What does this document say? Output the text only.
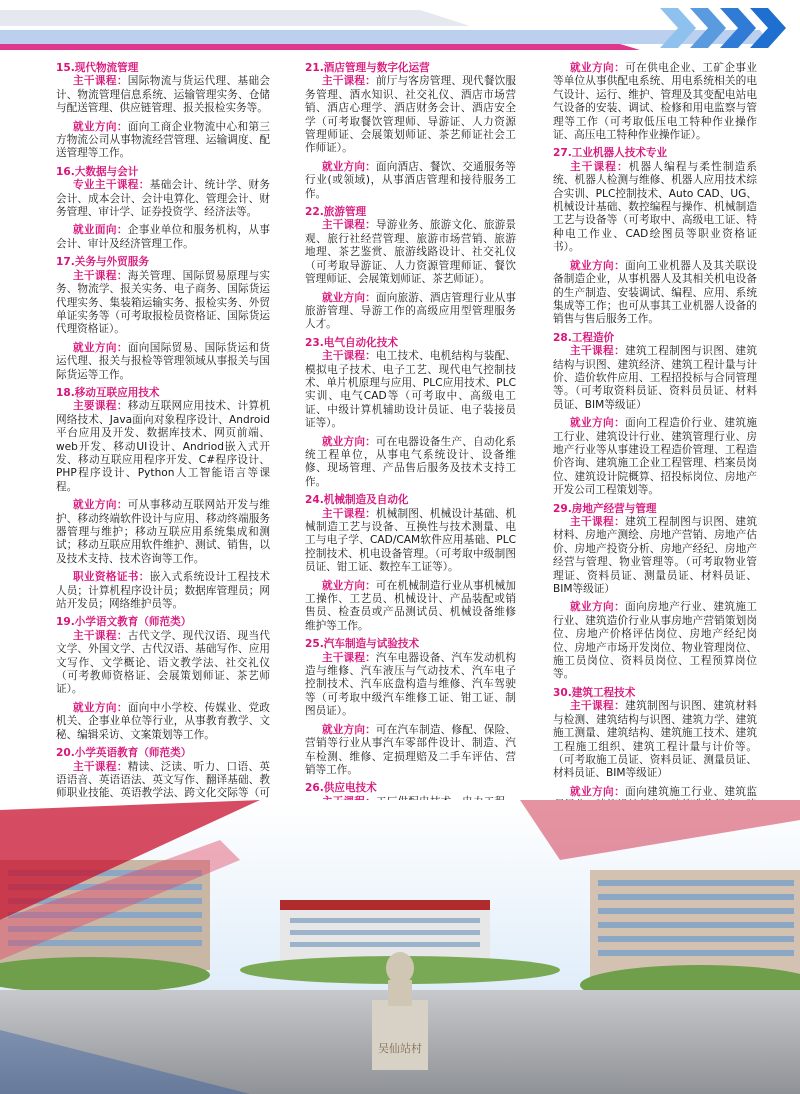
15.现代物流管理

主干课程：国际物流与货运代理、基础会计、物流管理信息系统、运输管理实务、仓储与配送管理、供应链管理、报关报检实务等。

就业方向：面向工商企业物流中心和第三方物流公司从事物流经营管理、运输调度、配送管理等工作。

16.大数据与会计

专业主干课程：基础会计、统计学、财务会计、成本会计、会计电算化、管理会计、财务管理、审计学、证券投资学、经济法等。

就业面向：企事业单位和服务机构，从事会计、审计及经济管理工作。

17.关务与外贸服务

主干课程：海关管理、国际贸易原理与实务、物流学、报关实务、电子商务、国际货运代理实务、集装箱运输实务、报检实务、外贸单证实务等（可考取报检员资格证、国际货运代理资格证）。

就业方向：面向国际贸易、国际货运和货运代理、报关与报检等管理领域从事报关与国际货运等工作。

18.移动互联应用技术

主要课程：移动互联网应用技术、计算机网络技术、Java面向对象程序设计、Android平台应用及开发、数据库技术、网页前端、web开发、移动UI设计、Andriod嵌入式开发、移动互联应用程序开发、C#程序设计、PHP程序设计、Python人工智能语言等课程。

就业方向：可从事移动互联网站开发与维护、移动终端软件设计与应用、移动终端服务器管理与维护；移动互联应用系统集成和测试；移动互联应用软件维护、测试、销售，以及技术支持、技术咨询等工作。

职业资格证书：嵌入式系统设计工程技术人员；计算机程序设计员；数据库管理员；网站开发员；网络维护员等。

19.小学语文教育（师范类）

主干课程：古代文学、现代汉语、现当代文学、外国文学、古代汉语、基础写作、应用文写作、文学概论、语文教学法、社交礼仪（可考教师资格证、会展策划师证、茶艺师证）。

就业方向：面向中小学校、传媒业、党政机关、企事业单位等行业，从事教育教学、文秘、编辑采访、文案策划等工作。

20.小学英语教育（师范类）

主干课程：精读、泛读、听力、口语、英语语音、英语语法、英文写作、翻译基础、教师职业技能、英语教学法、跨文化交际等（可

21.酒店管理与数字化运营

主干课程：前厅与客房管理、现代餐饮服务管理、酒水知识、社交礼仪、酒店市场营销、酒店心理学、酒店财务会计、酒店安全学（可考取餐饮管理师、导游证、人力资源管理师证、会展策划师证、茶艺师证社会工作师证）。

就业方向：面向酒店、餐饮、交通服务等行业(或领域)，从事酒店管理和接待服务工作。

22.旅游管理

主干课程：导游业务、旅游文化、旅游景观、旅行社经营管理、旅游市场营销、旅游地理、茶艺鉴赏、旅游线路设计、社交礼仪（可考取导游证、人力资源管理师证、餐饮管理师证、会展策划师证、茶艺师证）。

就业方向：面向旅游、酒店管理行业从事旅游管理、导游工作的高级应用型管理服务人才。

23.电气自动化技术

主干课程：电工技术、电机结构与装配、模拟电子技术、电子工艺、现代电气控制技术、单片机原理与应用、PLC应用技术、PLC实训、电气CAD等（可考取中、高级电工证、中级计算机辅助设计员证、电子装接员证等）。

就业方向：可在电器设备生产、自动化系统工程单位，从事电气系统设计、设备维修、现场管理、产品售后服务及技术支持工作。

24.机械制造及自动化

主干课程：机械制图、机械设计基础、机械制造工艺与设备、互换性与技术测量、电工与电子学、CAD/CAM软件应用基础、PLC控制技术、机电设备管理。（可考取中级制图员证、钳工证、数控车工证等）。

就业方向：可在机械制造行业从事机械加工操作、工艺员、机械设计、产品装配或销售员、检查员或产品测试员、机械设备维修维护等工作。

25.汽车制造与试验技术

主干课程：汽车电器设备、汽车发动机构造与维修、汽车液压与气动技术、汽车电子控制技术、汽车底盘构造与维修、汽车驾驶等（可考取中级汽车维修工证、钳工证、制图员证）。

就业方向：可在汽车制造、修配、保险、营销等行业从事汽车零部件设计、制造、汽车检测、维修、定损理赔及二手车评估、营销等工作。

26.供应电技术

就业方向：可在供电企业、工矿企事业等单位从事供配电系统、用电系统相关的电气设计、运行、维护、管理及其变配电站电气设备的安装、调试、检修和用电监察与管理等工作（可考取低压电工特种作业操作证、高压电工特种作业操作证）。

27.工业机器人技术专业

主干课程：机器人编程与柔性制造系统、机器人检测与维修、机器人应用技术综合实训、PLC控制技术、Auto CAD、UG、机械设计基础、数控编程与操作、机械制造工艺与设备等（可考取中、高级电工证、特种电工作业、CAD绘图员等职业资格证书）。

就业方向：面向工业机器人及其关联设备制造企业，从事机器人及其相关机电设备的生产制造、安装调试、编程、应用、系统集成等工作；也可从事其工业机器人设备的销售与售后服务工作。

28.工程造价

主干课程：建筑工程制图与识图、建筑结构与识图、建筑经济、建筑工程计量与计价、造价软件应用、工程招投标与合同管理等。（可考取资料员证、资料员员证、材料员证、BIM等级证）

就业方向：面向工程造价行业、建筑施工行业、建筑设计行业、建筑管理行业、房地产行业等从事建设工程造价管理、工程造价咨询、建筑施工企业工程管理、档案员岗位、建筑设计院概算、招投标岗位、房地产开发公司工程策划等。

29.房地产经营与管理

主干课程：建筑工程制图与识图、建筑材料、房地产测绘、房地产营销、房地产估价、房地产投资分析、房地产经纪、房地产经营与管理、物业管理等。（可考取物业管理证、资料员证、测量员证、材料员证、BIM等级证）

就业方向：面向房地产行业、建筑施工行业、建筑造价行业从事房地产营销策划岗位、房地产价格评估岗位、房地产经纪岗位、房地产市场开发岗位、物业管理岗位、施工员岗位、资料员岗位、工程预算岗位等。

30.建筑工程技术

主干课程：建筑制图与识图、建筑材料与检测、建筑结构与识图、建筑力学、建筑施工测量、建筑结构、建筑施工技术、建筑工程施工组织、建筑工程计量与计价等。（可考取施工员证、资料员证、测量员证、材料员证、BIM等级证）

就业方向：面向建筑施工行业、建筑监

吴仙站村
